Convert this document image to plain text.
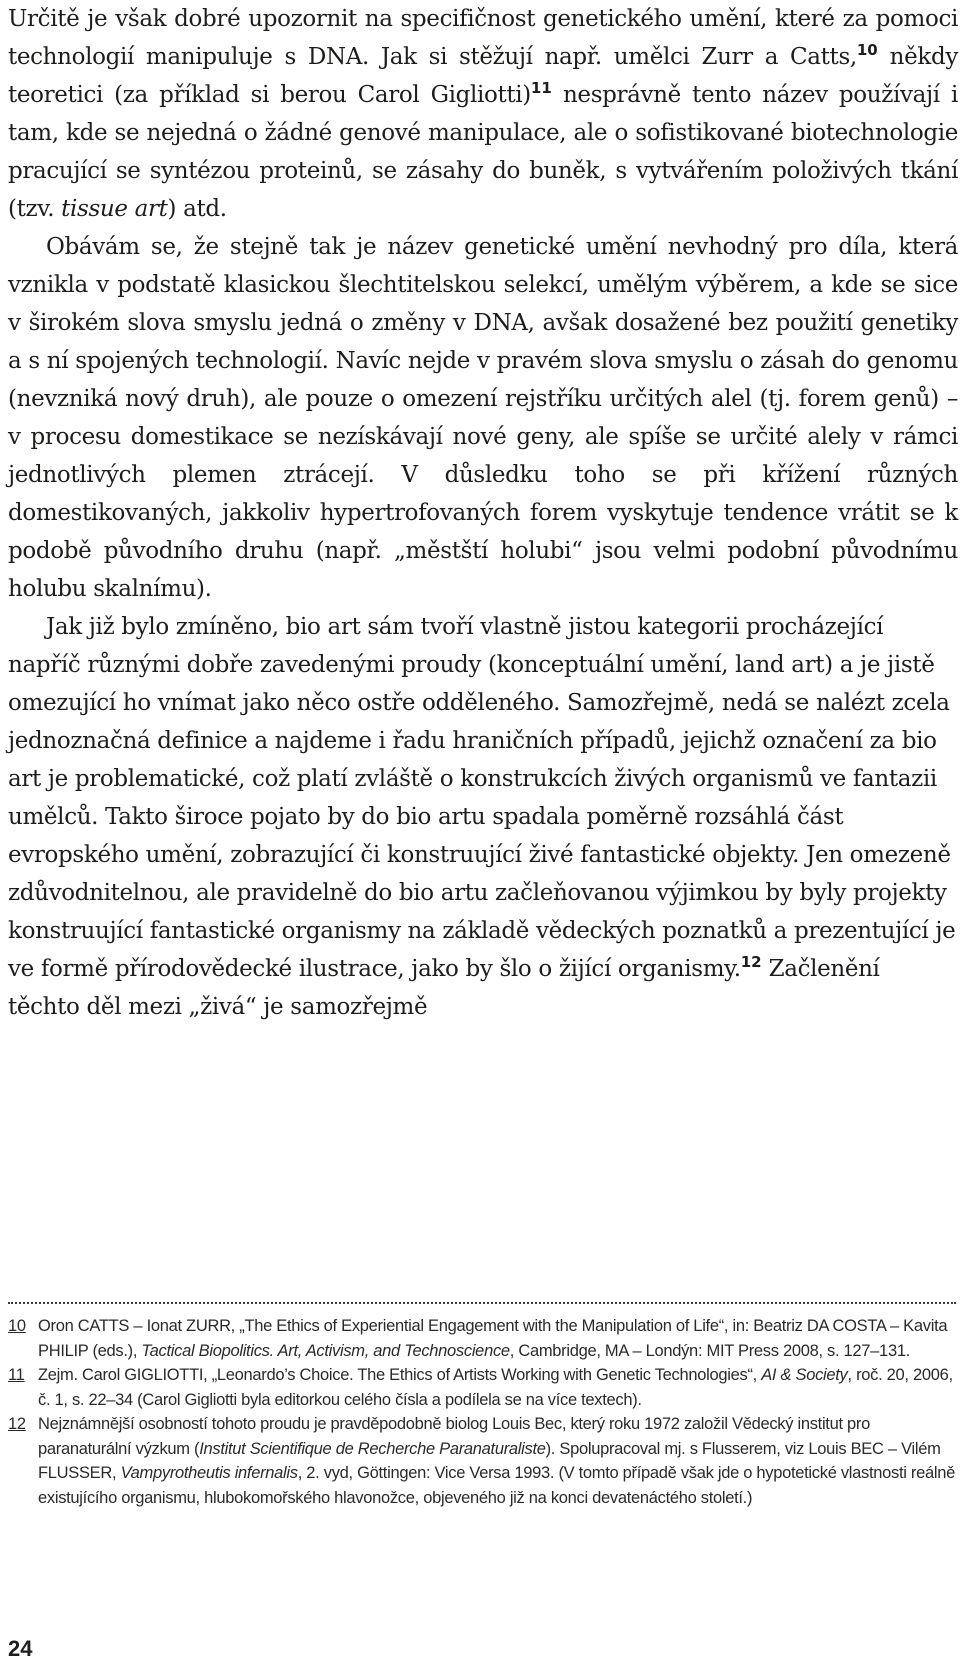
Určitě je však dobré upozornit na specifičnost genetického umění, které za pomoci technologií manipuluje s DNA. Jak si stěžují např. umělci Zurr a Catts,$^{10}$ někdy teoretici (za příklad si berou Carol Gigliotti)$^{11}$ nesprávně tento název používají i tam, kde se nejedná o žádné genové manipulace, ale o sofistikované biotechnologie pracující se syntézou proteinů, se zásahy do buněk, s vytvářením položivých tkání (tzv. tissue art) atd.

Obávám se, že stejně tak je název genetické umění nevhodný pro díla, která vznikla v podstatě klasickou šlechtitelskou selekcí, umělým výběrem, a kde se sice v širokém slova smyslu jedná o změny v DNA, avšak dosažené bez použití genetiky a s ní spojených technologií. Navíc nejde v pravém slova smyslu o zásah do genomu (nevzniká nový druh), ale pouze o omezení rejstříku určitých alel (tj. forem genů) – v procesu domestikace se nezískávají nové geny, ale spíše se určité alely v rámci jednotlivých plemen ztrácejí. V důsledku toho se při křížení různých domestikovaných, jakkoliv hypertrofovaných forem vyskytuje tendence vrátit se k podobě původního druhu (např. „městští holubi“ jsou velmi podobní původnímu holubu skalnímu).

Jak již bylo zmíněno, bio art sám tvoří vlastně jistou kategorii procházející napříč různými dobře zavedenými proudy (konceptuální umění, land art) a je jistě omezující ho vnímat jako něco ostře odděleného. Samozřejmě, nedá se nalézt zcela jednoznačná definice a najdeme i řadu hraničních případů, jejichž označení za bio art je problematické, což platí zvláště o konstrukcích živých organismů ve fantazii umělců. Takto široce pojato by do bio artu spadala poměrně rozsáhlá část evropského umění, zobrazující či konstruující živé fantastické objekty. Jen omezeně zdůvodnitelnou, ale pravidelně do bio artu začleňovanou výjimkou by byly projekty konstruující fantastické organismy na základě vědeckých poznatků a prezentující je ve formě přírodovědecké ilustrace, jako by šlo o žijící organismy.$^{12}$ Začlenění těchto děl mezi „živá“ je samozřejmě

10 Oron CATTS – Ionat ZURR, „The Ethics of Experiential Engagement with the Manipulation of Life“, in: Beatriz DA COSTA – Kavita PHILIP (eds.), Tactical Biopolitics. Art, Activism, and Technoscience, Cambridge, MA – Londýn: MIT Press 2008, s. 127–131.

11 Zejm. Carol GIGLIOTTI, „Leonardo’s Choice. The Ethics of Artists Working with Genetic Technologies“, AI & Society, roč. 20, 2006, č. 1, s. 22–34 (Carol Gigliotti byla editorkou celého čísla a podílela se na více textech).

12 Nejznámnější osobností tohoto proudu je pravděpodobně biolog Louis Bec, který roku 1972 založil Vědecký institut pro paranaturální výzkum (Institut Scientifique de Recherche Paranaturaliste). Spolupracoval mj. s Flusserem, viz Louis BEC – Vilém FLUSSER, Vampyrotheutis infernalis, 2. vyd, Göttingen: Vice Versa 1993. (V tomto případě však jde o hypotetické vlastnosti reálně existujícího organismu, hlubokomořského hlavonožce, objeveného již na konci devatenáctého století.)

24
